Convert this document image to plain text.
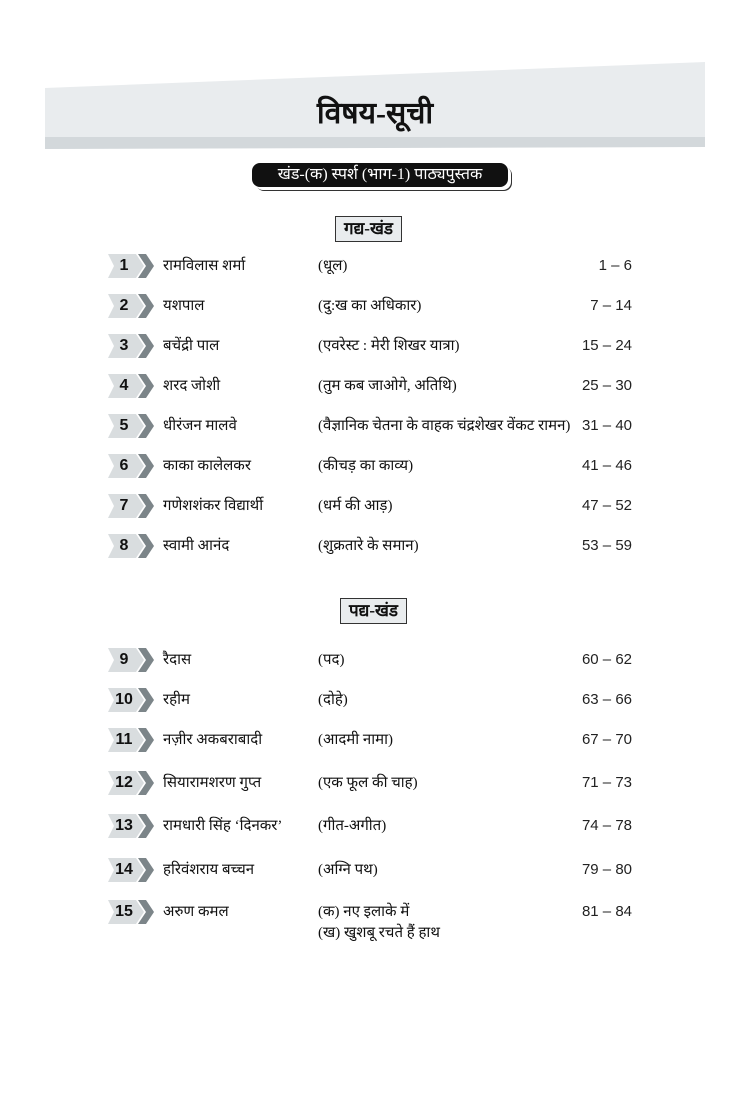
विषय-सूची
खंड-(क) स्पर्श (भाग-1) पाठ्यपुस्तक
गद्य-खंड
1	रामविलास शर्मा	(धूल)	1 – 6
2	यशपाल	(दु:ख का अधिकार)	7 – 14
3	बचेंद्री पाल	(एवरेस्ट : मेरी शिखर यात्रा)	15 – 24
4	शरद जोशी	(तुम कब जाओगे, अतिथि)	25 – 30
5	धीरंजन मालवे	(वैज्ञानिक चेतना के वाहक चंद्रशेखर वेंकट रामन) 31 – 40
6	काका कालेलकर	(कीचड़ का काव्य)	41 – 46
7	गणेशशंकर विद्यार्थी	(धर्म की आड़)	47 – 52
8	स्वामी आनंद	(शुक्रतारे के समान)	53 – 59
पद्य-खंड
9	रैदास	(पद)	60 – 62
10	रहीम	(दोहे)	63 – 66
11	नज़ीर अकबराबादी	(आदमी नामा)	67 – 70
12	सियारामशरण गुप्त	(एक फूल की चाह)	71 – 73
13	रामधारी सिंह ‘दिनकर’ (गीत-अगीत)	74 – 78
14	हरिवंशराय बच्चन	(अग्नि पथ)	79 – 80
15	अरुण कमल	(क) नए इलाके में
(ख) खुशबू रचते हैं हाथ
81 – 84
